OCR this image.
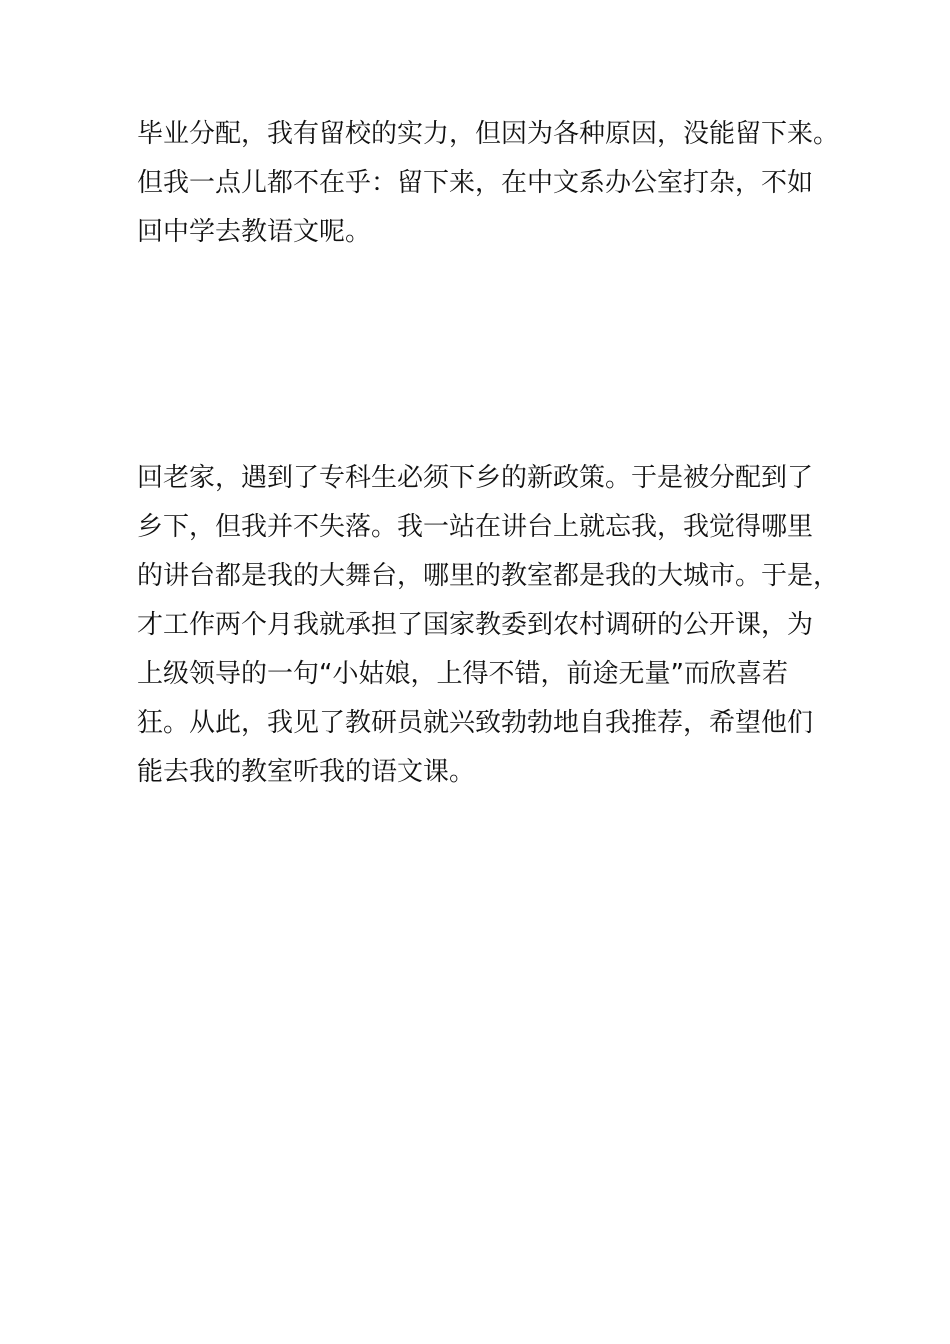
毕业分配，我有留校的实力，但因为各种原因，没能留下来。
但我一点儿都不在乎：留下来，在中文系办公室打杂，不如
回中学去教语文呢。
回老家，遇到了专科生必须下乡的新政策。于是被分配到了
乡下，但我并不失落。我一站在讲台上就忘我，我觉得哪里
的讲台都是我的大舞台，哪里的教室都是我的大城市。于是，
才工作两个月我就承担了国家教委到农村调研的公开课，为
上级领导的一句“小姑娘，上得不错，前途无量”而欣喜若
狂。从此，我见了教研员就兴致勃勃地自我推荐，希望他们
能去我的教室听我的语文课。
